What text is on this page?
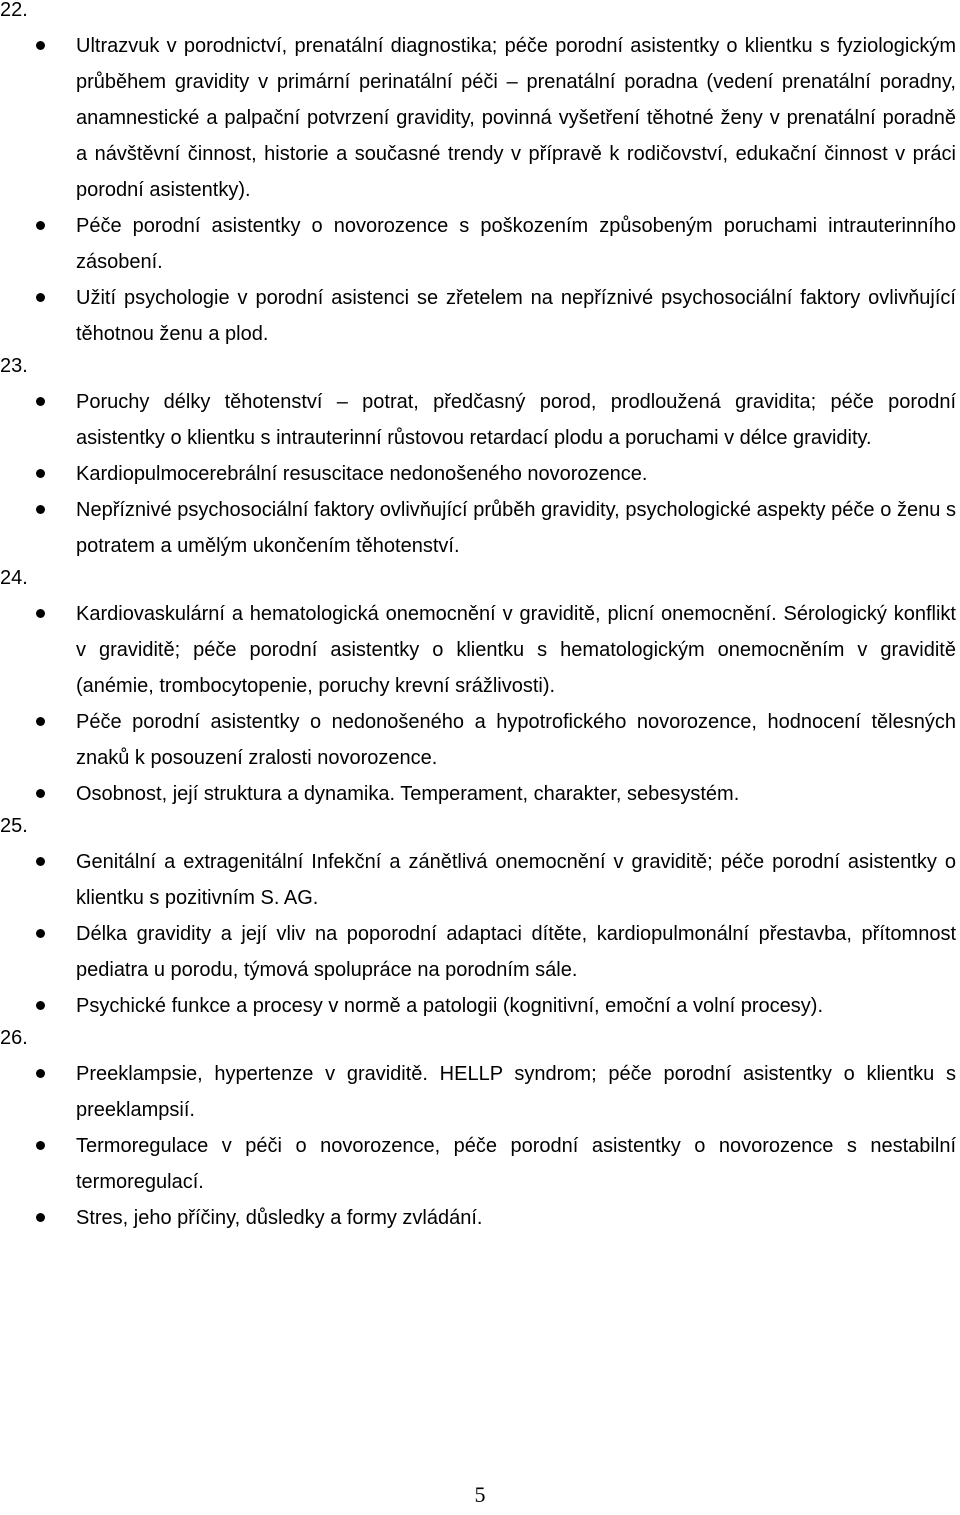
22.

Ultrazvuk v porodnictví, prenatální diagnostika; péče porodní asistentky o klientku s fyziologickým průběhem gravidity v primární perinatální péči – prenatální poradna (vedení prenatální poradny, anamnestické a palpační potvrzení gravidity, povinná vyšetření těhotné ženy v prenatální poradně a návštěvní činnost, historie a současné trendy v přípravě k rodičovství, edukační činnost v práci porodní asistentky).
Péče porodní asistentky o novorozence s poškozením způsobeným poruchami intrauterinního zásobení.
Užití psychologie v porodní asistenci se zřetelem na nepříznivé psychosociální faktory ovlivňující těhotnou ženu a plod.

23.

Poruchy délky těhotenství – potrat, předčasný porod, prodloužená gravidita; péče porodní asistentky o klientku s intrauterinní růstovou retardací plodu a poruchami v délce gravidity.
Kardiopulmocerebrální resuscitace nedonošeného novorozence.
Nepříznivé psychosociální faktory ovlivňující průběh gravidity, psychologické aspekty péče o ženu s potratem a umělým ukončením těhotenství.

24.

Kardiovaskulární a hematologická onemocnění v graviditě, plicní onemocnění. Sérologický konflikt v graviditě; péče porodní asistentky o klientku s hematologickým onemocněním v graviditě (anémie, trombocytopenie, poruchy krevní srážlivosti).
Péče porodní asistentky o nedonošeného a hypotrofického novorozence, hodnocení tělesných znaků k posouzení zralosti novorozence.
Osobnost, její struktura a dynamika. Temperament, charakter, sebesystém.

25.

Genitální a extragenitální Infekční a zánětlivá onemocnění v graviditě; péče porodní asistentky o klientku s pozitivním S. AG.
Délka gravidity a její vliv na poporodní adaptaci dítěte, kardiopulmonální přestavba, přítomnost pediatra u porodu, týmová spolupráce na porodním sále.
Psychické funkce a procesy v normě a patologii (kognitivní, emoční a volní procesy).

26.

Preeklampsie, hypertenze v graviditě. HELLP syndrom; péče porodní asistentky o klientku s preeklampsií.
Termoregulace v péči o novorozence, péče porodní asistentky o novorozence s nestabilní termoregulací.
Stres, jeho příčiny, důsledky a formy zvládání.
5
